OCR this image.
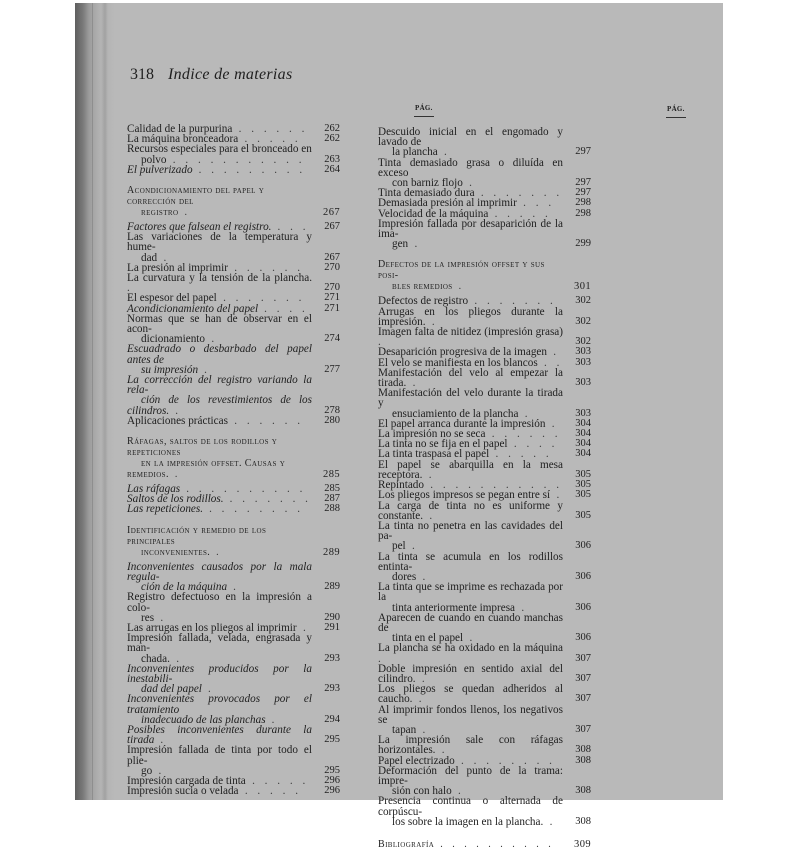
318 Indice de materias
PÁG.	PÁG.
Calidad de la purpurina . . . . . .	262
La máquina bronceadora . . . . .	262
Recursos especiales para el bronceado en
polvo . . . . . . . . . . .	263
El pulverizado . . . . . . . . .	264
Acondicionamiento del papel y corrección del
registro .	267
Factores que falsean el registro. . . .	267
Las variaciones de la temperatura y hume-
dad .	267
La presión al imprimir . . . . . .	270
La curvatura y la tensión de la plancha. .	270
El espesor del papel . . . . . . .	271
Acondicionamiento del papel . . . .	271
Normas que se han de observar en el acon-
dicionamiento .	274
Escuadrado o desbarbado del papel antes de
su impresión .	277
La corrección del registro variando la rela-
ción de los revestimientos de los cilindros. .	278
Aplicaciones prácticas . . . . . .	280
Ráfagas, saltos de los rodillos y repeticiones
en la impresión offset. Causas y remedios. .	285
Las ráfagas . . . . . . . . . .	285
Saltos de los rodillos. . . . . . . .	287
Las repeticiones. . . . . . . . .	288
Identificación y remedio de los principales
inconvenientes. .	289
Inconvenientes causados por la mala regula-
ción de la máquina .	289
Registro defectuoso en la impresión a colo-
res .	290
Las arrugas en los pliegos al imprimir .	291
Impresión fallada, velada, engrasada y man-
chada. .	293
Inconvenientes producidos por la inestabili-
dad del papel .	293
Inconvenientes provocados por el tratamiento
inadecuado de las planchas .	294
Posibles inconvenientes durante la tirada .	295
Impresión fallada de tinta por todo el plie-
go .	295
Impresión cargada de tinta . . . . .	296
Impresión sucia o velada . . . . .	296
Descuido inicial en el engomado y lavado de
la plancha .	297
Tinta demasiado grasa o diluída en exceso
con barniz flojo .	297
Tinta demasiado dura . . . . . . .	297
Demasiada presión al imprimir . . .	298
Velocidad de la máquina . . . . .	298
Impresión fallada por desaparición de la ima-
gen .	299
Defectos de la impresión offset y sus posi-
bles remedios .	301
Defectos de registro . . . . . . .	302
Arrugas en los pliegos durante la impresión. .	302
Imagen falta de nitidez (impresión grasa) .	302
Desaparición progresiva de la imagen .	303
El velo se manifiesta en los blancos . .	303
Manifestación del velo al empezar la tirada. .	303
Manifestación del velo durante la tirada y
ensuciamiento de la plancha .	303
El papel arranca durante la impresión .	304
La impresión no se seca . . . . . .	304
La tinta no se fija en el papel . . . .	304
La tinta traspasa el papel . . . . .	304
El papel se abarquilla en la mesa receptora. .	305
Repintado . . . . . . . . . . .	305
Los pliegos impresos se pegan entre sí .	305
La carga de tinta no es uniforme y constante. .	305
La tinta no penetra en las cavidades del pa-
pel .	306
La tinta se acumula en los rodillos entinta-
dores .	306
La tinta que se imprime es rechazada por la
tinta anteriormente impresa .	306
Aparecen de cuando en cuando manchas de
tinta en el papel .	306
La plancha se ha oxidado en la máquina .	307
Doble impresión en sentido axial del cilindro. .	307
Los pliegos se quedan adheridos al caucho. .	307
Al imprimir fondos llenos, los negativos se
tapan .	307
La impresión sale con ráfagas horizontales. .	308
Papel electrizado . . . . . . . .	308
Deformación del punto de la trama: impre-
sión con halo .	308
Presencia continua o alternada de corpúscu-
los sobre la imagen en la plancha. .	308
Bibliografía . . . . . . . . . .	309
